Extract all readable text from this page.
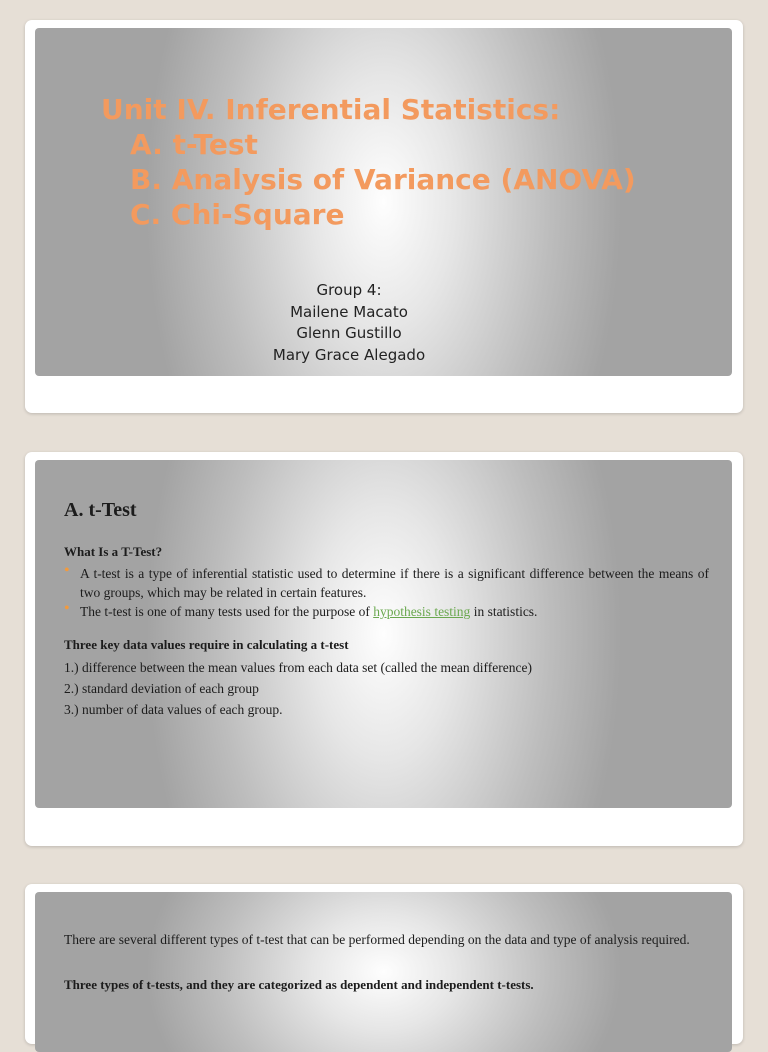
Unit IV. Inferential Statistics:
A. t-Test
B. Analysis of Variance (ANOVA)
C. Chi-Square
Group 4:
Mailene Macato
Glenn Gustillo
Mary Grace Alegado
A. t-Test
What Is a T-Test?

• A t-test is a type of inferential statistic used to determine if there is a significant difference between the means of two groups, which may be related in certain features.

• The t-test is one of many tests used for the purpose of hypothesis testing in statistics.

Three key data values require in calculating a t-test
1.) difference between the mean values from each data set (called the mean difference)
2.) standard deviation of each group
3.) number of data values of each group.
There are several different types of t-test that can be performed depending on the data and type of analysis required.
Three types of t-tests, and they are categorized as dependent and independent t-tests.
